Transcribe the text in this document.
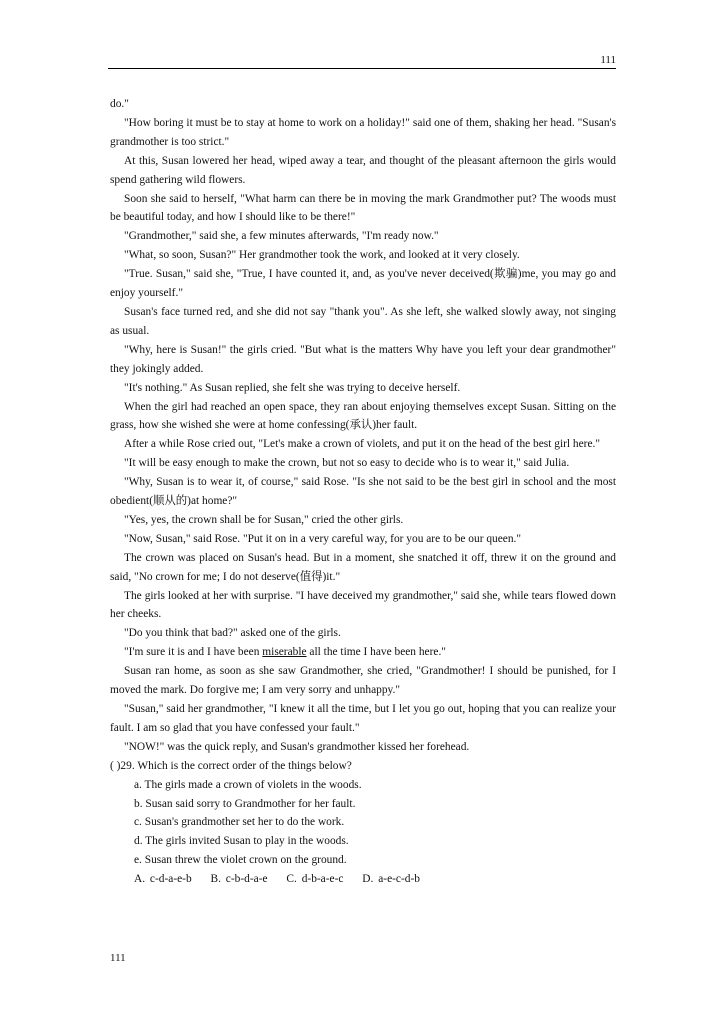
111

do."

"How boring it must be to stay at home to work on a holiday!" said one of them, shaking her head. "Susan's grandmother is too strict."

At this, Susan lowered her head, wiped away a tear, and thought of the pleasant afternoon the girls would spend gathering wild flowers.

Soon she said to herself, "What harm can there be in moving the mark Grandmother put? The woods must be beautiful today, and how I should like to be there!"

"Grandmother," said she, a few minutes afterwards, "I'm ready now."

"What, so soon, Susan?" Her grandmother took the work, and looked at it very closely.

"True. Susan," said she, "True, I have counted it, and, as you've never deceived(欺骗)me, you may go and enjoy yourself."

Susan's face turned red, and she did not say "thank you". As she left, she walked slowly away, not singing as usual.

"Why, here is Susan!" the girls cried. "But what is the matters Why have you left your dear grandmother" they jokingly added.

"It's nothing." As Susan replied, she felt she was trying to deceive herself.

When the girl had reached an open space, they ran about enjoying themselves except Susan. Sitting on the grass, how she wished she were at home confessing(承认)her fault.

After a while Rose cried out, "Let's make a crown of violets, and put it on the head of the best girl here."

"It will be easy enough to make the crown, but not so easy to decide who is to wear it," said Julia.

"Why, Susan is to wear it, of course," said Rose. "Is she not said to be the best girl in school and the most obedient(顺从的)at home?"

"Yes, yes, the crown shall be for Susan," cried the other girls.

"Now, Susan," said Rose. "Put it on in a very careful way, for you are to be our queen."

The crown was placed on Susan's head. But in a moment, she snatched it off, threw it on the ground and said, "No crown for me; I do not deserve(值得)it."

The girls looked at her with surprise. "I have deceived my grandmother," said she, while tears flowed down her cheeks.

"Do you think that bad?" asked one of the girls.

"I'm sure it is and I have been miserable all the time I have been here."

Susan ran home, as soon as she saw Grandmother, she cried, "Grandmother! I should be punished, for I moved the mark. Do forgive me; I am very sorry and unhappy."

"Susan," said her grandmother, "I knew it all the time, but I let you go out, hoping that you can realize your fault. I am so glad that you have confessed your fault."

"NOW!" was the quick reply, and Susan's grandmother kissed her forehead.

( )29. Which is the correct order of the things below?

a. The girls made a crown of violets in the woods.
b. Susan said sorry to Grandmother for her fault.
c. Susan's grandmother set her to do the work.
d. The girls invited Susan to play in the woods.
e. Susan threw the violet crown on the ground.
A. c-d-a-e-b B. c-b-d-a-e C. d-b-a-e-c D. a-e-c-d-b
111
